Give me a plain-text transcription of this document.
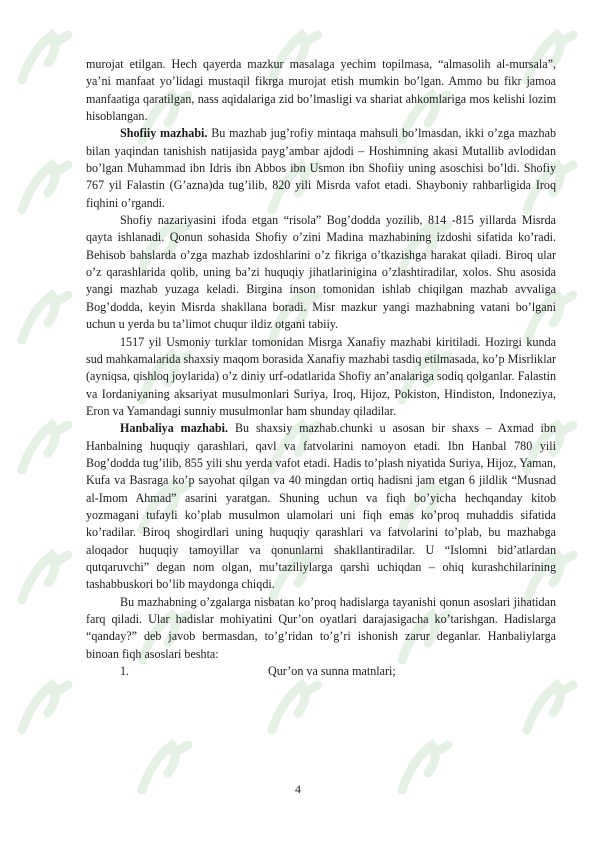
murojat etilgan. Hech qayerda mazkur masalaga yechim topilmasa, “almasolih al-mursala”, ya’ni manfaat yo’lidagi mustaqil fikrga murojat etish mumkin bo’lgan. Ammo bu fikr jamoa manfaatiga qaratilgan, nass aqidalariga zid bo’lmasligi va shariat ahkomlariga mos kelishi lozim hisoblangan.

Shofiiy mazhabi. Bu mazhab jug’rofiy mintaqa mahsuli bo’lmasdan, ikki o’zga mazhab bilan yaqindan tanishish natijasida payg’ambar ajdodi – Hoshimning akasi Mutallib avlodidan bo’lgan Muhammad ibn Idris ibn Abbos ibn Usmon ibn Shofiiy uning asoschisi bo’ldi. Shofiy 767 yil Falastin (G’azna)da tug’ilib, 820 yili Misrda vafot etadi. Shayboniy rahbarligida Iroq fiqhini o’rgandi.

Shofiy nazariyasini ifoda etgan “risola” Bog’dodda yozilib, 814 -815 yillarda Misrda qayta ishlanadi. Qonun sohasida Shofiy o’zini Madina mazhabining izdoshi sifatida ko’radi. Behisob bahslarda o’zga mazhab izdoshlarini o’z fikriga o’tkazishga harakat qiladi. Biroq ular o’z qarashlarida qolib, uning ba’zi huquqiy jihatlarinigina o’zlashtiradilar, xolos. Shu asosida yangi mazhab yuzaga keladi. Birgina inson tomonidan ishlab chiqilgan mazhab avvaliga Bog’dodda, keyin Misrda shakllana boradi. Misr mazkur yangi mazhabning vatani bo’lgani uchun u yerda bu ta’limot chuqur ildiz otgani tabiiy.

1517 yil Usmoniy turklar tomonidan Misrga Xanafiy mazhabi kiritiladi. Hozirgi kunda sud mahkamalarida shaxsiy maqom borasida Xanafiy mazhabi tasdiq etilmasada, ko’p Misrliklar (ayniqsa, qishloq joylarida) o’z diniy urf-odatlarida Shofiy an’analariga sodiq qolganlar. Falastin va Iordaniyaning aksariyat musulmonlari Suriya, Iroq, Hijoz, Pokiston, Hindiston, Indoneziya, Eron va Yamandagi sunniy musulmonlar ham shunday qiladilar.

Hanbaliya mazhabi. Bu shaxsiy mazhab.chunki u asosan bir shaxs – Axmad ibn Hanbalning huquqiy qarashlari, qavl va fatvolarini namoyon etadi. Ibn Hanbal 780 yili Bog’dodda tug’ilib, 855 yili shu yerda vafot etadi. Hadis to’plash niyatida Suriya, Hijoz, Yaman, Kufa va Basraga ko’p sayohat qilgan va 40 mingdan ortiq hadisni jam etgan 6 jildlik “Musnad al-Imom Ahmad” asarini yaratgan. Shuning uchun va fiqh bo’yicha hechqanday kitob yozmagani tufayli ko’plab musulmon ulamolari uni fiqh emas ko’proq muhaddis sifatida ko’radilar. Biroq shogirdlari uning huquqiy qarashlari va fatvolarini to’plab, bu mazhabga aloqador huquqiy tamoyillar va qonunlarni shakllantiradilar. U “Islomni bid’atlardan qutqaruvchi” degan nom olgan, mu’taziliylarga qarshi uchiqdan – ohiq kurashchilarining tashabbuskori bo’lib maydonga chiqdi.

Bu mazhabning o’zgalarga nisbatan ko’proq hadislarga tayanishi qonun asoslari jihatidan farq qiladi. Ular hadislar mohiyatini Qur’on oyatlari darajasigacha ko’tarishgan. Hadislarga “qanday?” deb javob bermasdan, to’g’ridan to’g’ri ishonish zarur deganlar. Hanbaliylarga binoan fiqh asoslari beshta:

1.	Qur’on va sunna matnlari;
4
